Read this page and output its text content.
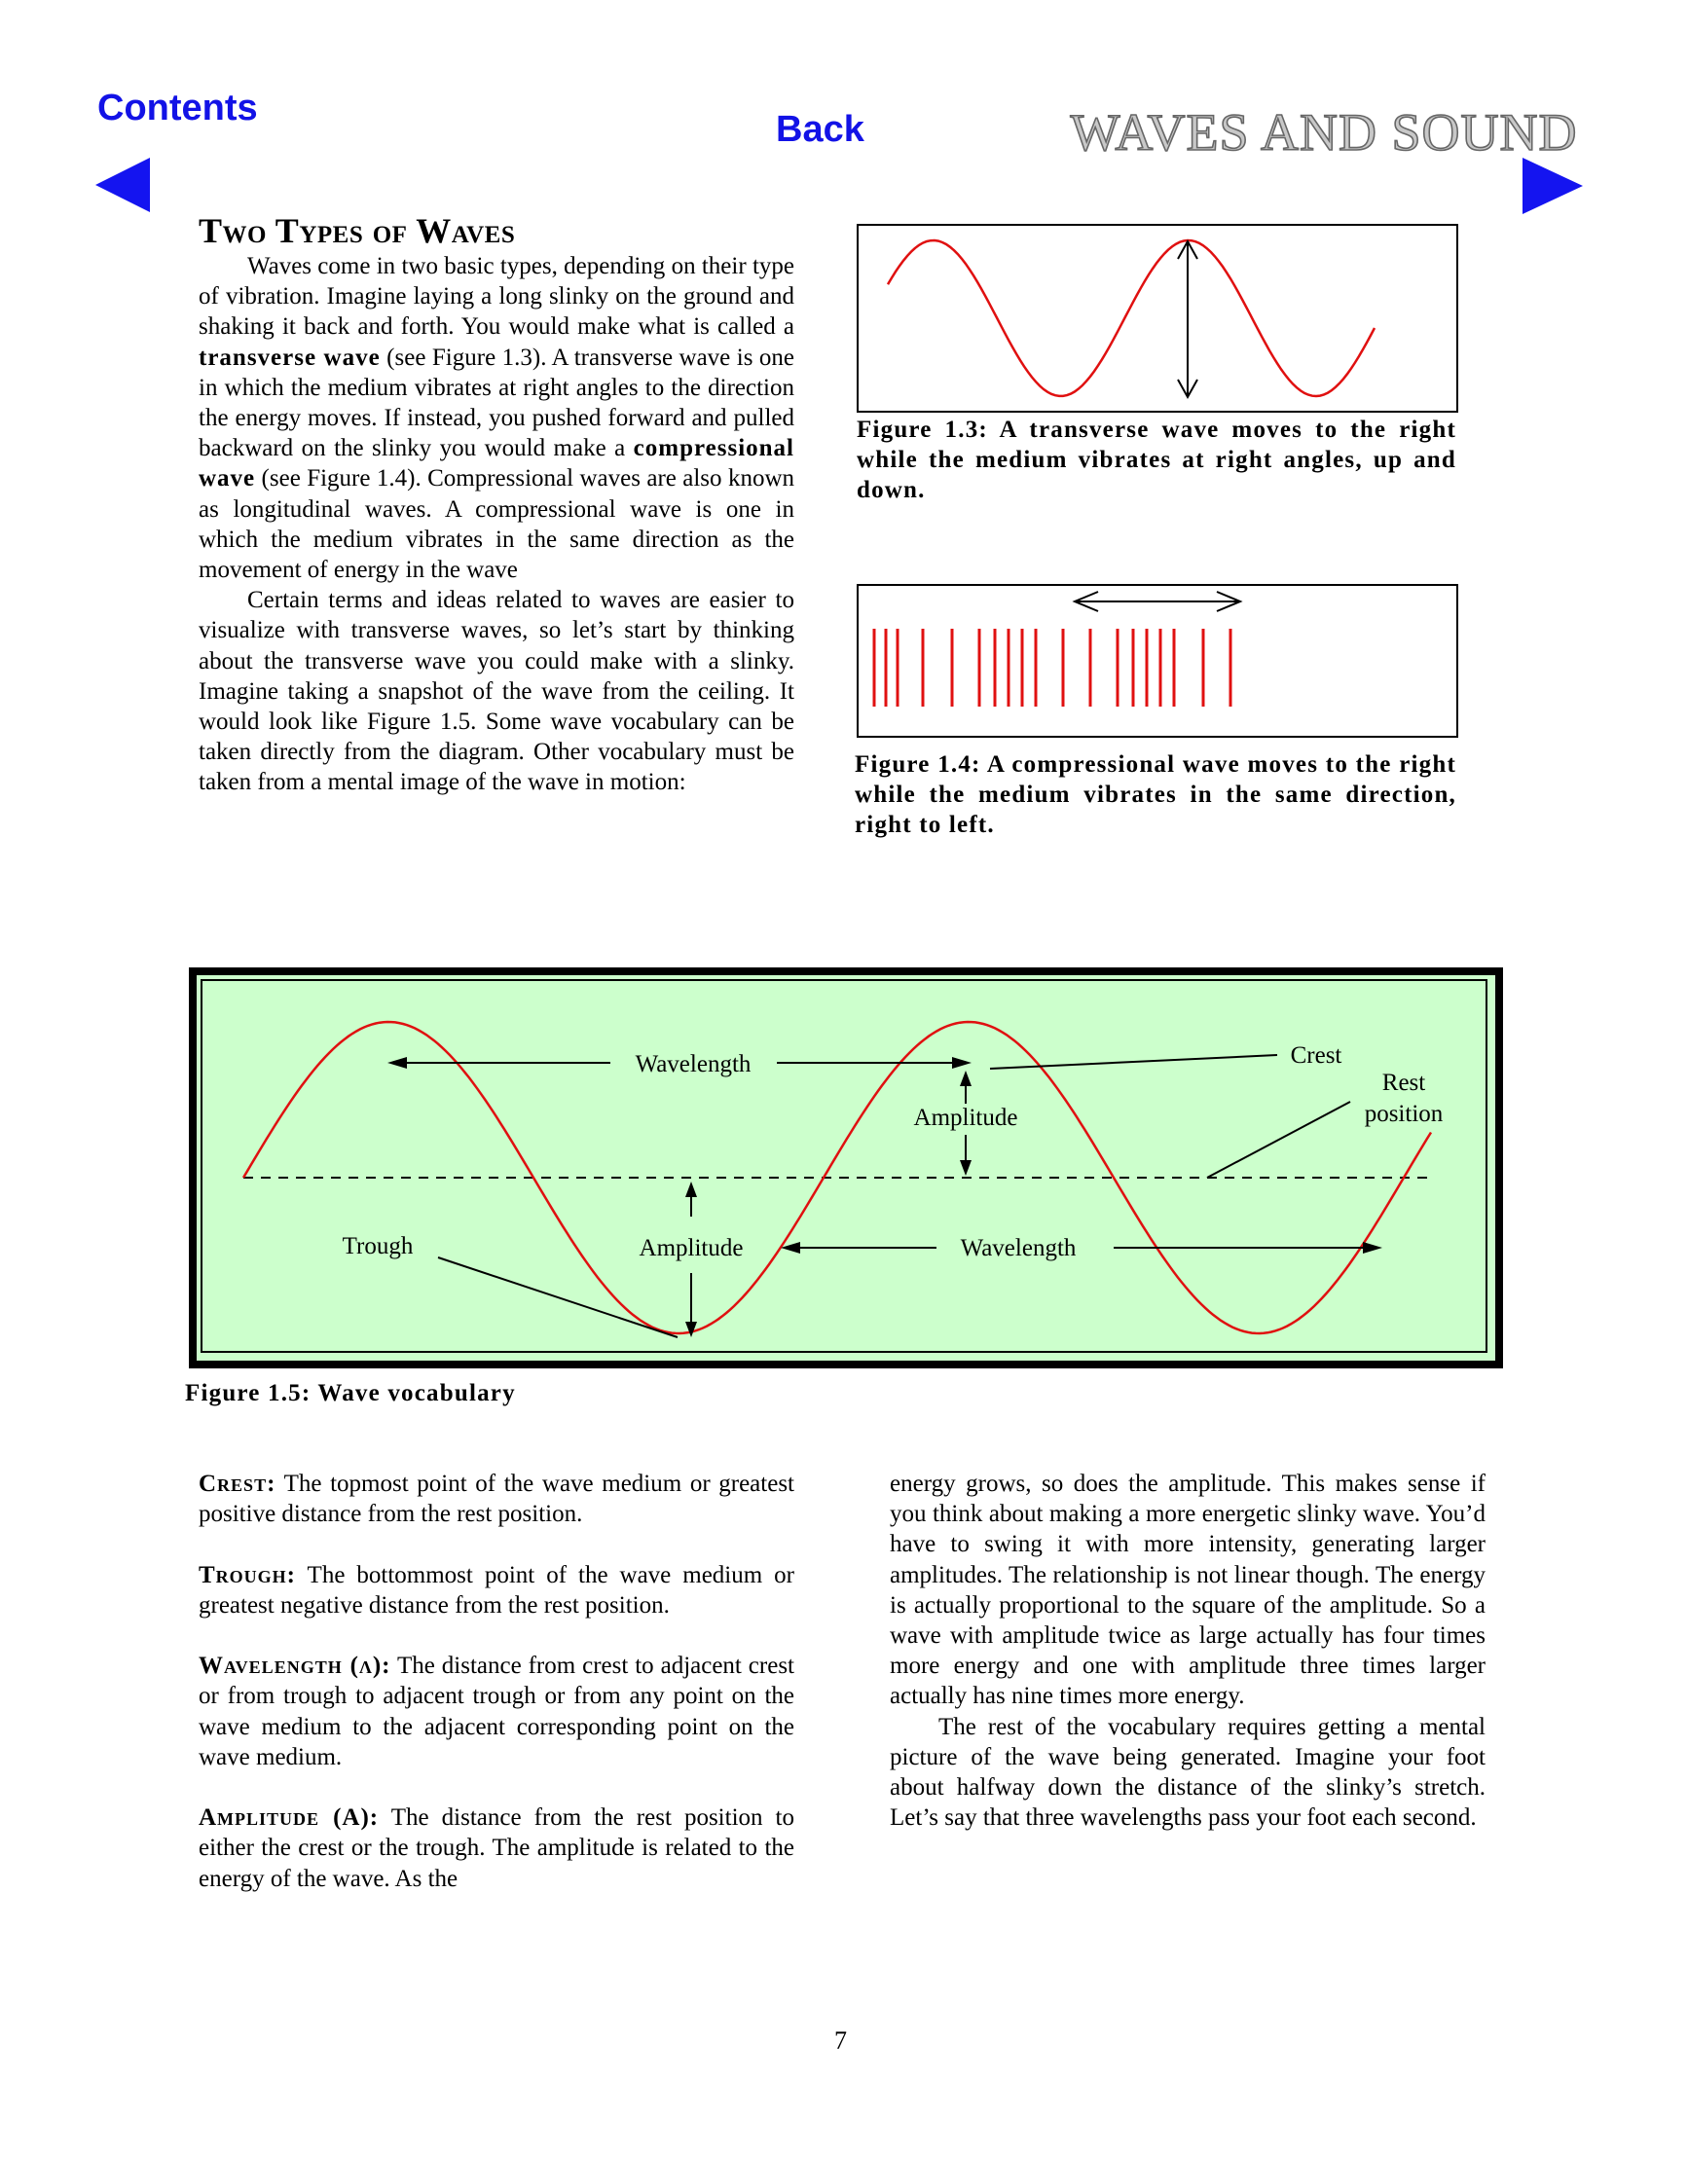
Contents
Back	WAVES AND SOUND
Two Types of Waves

Waves come in two basic types, depending on their type of vibration. Imagine laying a long slinky on the ground and shaking it back and forth. You would make what is called a transverse wave (see Figure 1.3). A transverse wave is one in which the medium vibrates at right angles to the direction the energy moves. If instead, you pushed forward and pulled backward on the slinky you would make a compressional wave (see Figure 1.4). Compressional waves are also known as longitudinal waves. A compressional wave is one in which the medium vibrates in the same direction as the movement of energy in the wave

Certain terms and ideas related to waves are easier to visualize with transverse waves, so let’s start by thinking about the transverse wave you could make with a slinky. Imagine taking a snapshot of the wave from the ceiling. It would look like Figure 1.5. Some wave vocabulary can be taken directly from the diagram. Other vocabulary must be taken from a mental image of the wave in motion:

Figure 1.3: A transverse wave moves to the right while the medium vibrates at right angles, up and down.
Figure 1.4: A compressional wave moves to the right while the medium vibrates in the same direction, right to left.
Wavelength	Crest
Amplitude
Rest
position
Trough	Amplitude	Wavelength
Figure 1.5: Wave vocabulary

Crest: The topmost point of the wave medium or greatest positive distance from the rest position.

Trough: The bottommost point of the wave medium or greatest negative distance from the rest position.

Wavelength (λ): The distance from crest to adjacent crest or from trough to adjacent trough or from any point on the wave medium to the adjacent corresponding point on the wave medium.

Amplitude (A): The distance from the rest position to either the crest or the trough. The amplitude is related to the energy of the wave. As the

energy grows, so does the amplitude. This makes sense if you think about making a more energetic slinky wave. You’d have to swing it with more intensity, generating larger amplitudes. The relationship is not linear though. The energy is actually proportional to the square of the amplitude. So a wave with amplitude twice as large actually has four times more energy and one with amplitude three times larger actually has nine times more energy.

The rest of the vocabulary requires getting a mental picture of the wave being generated. Imagine your foot about halfway down the distance of the slinky’s stretch. Let’s say that three wavelengths pass your foot each second.

7
